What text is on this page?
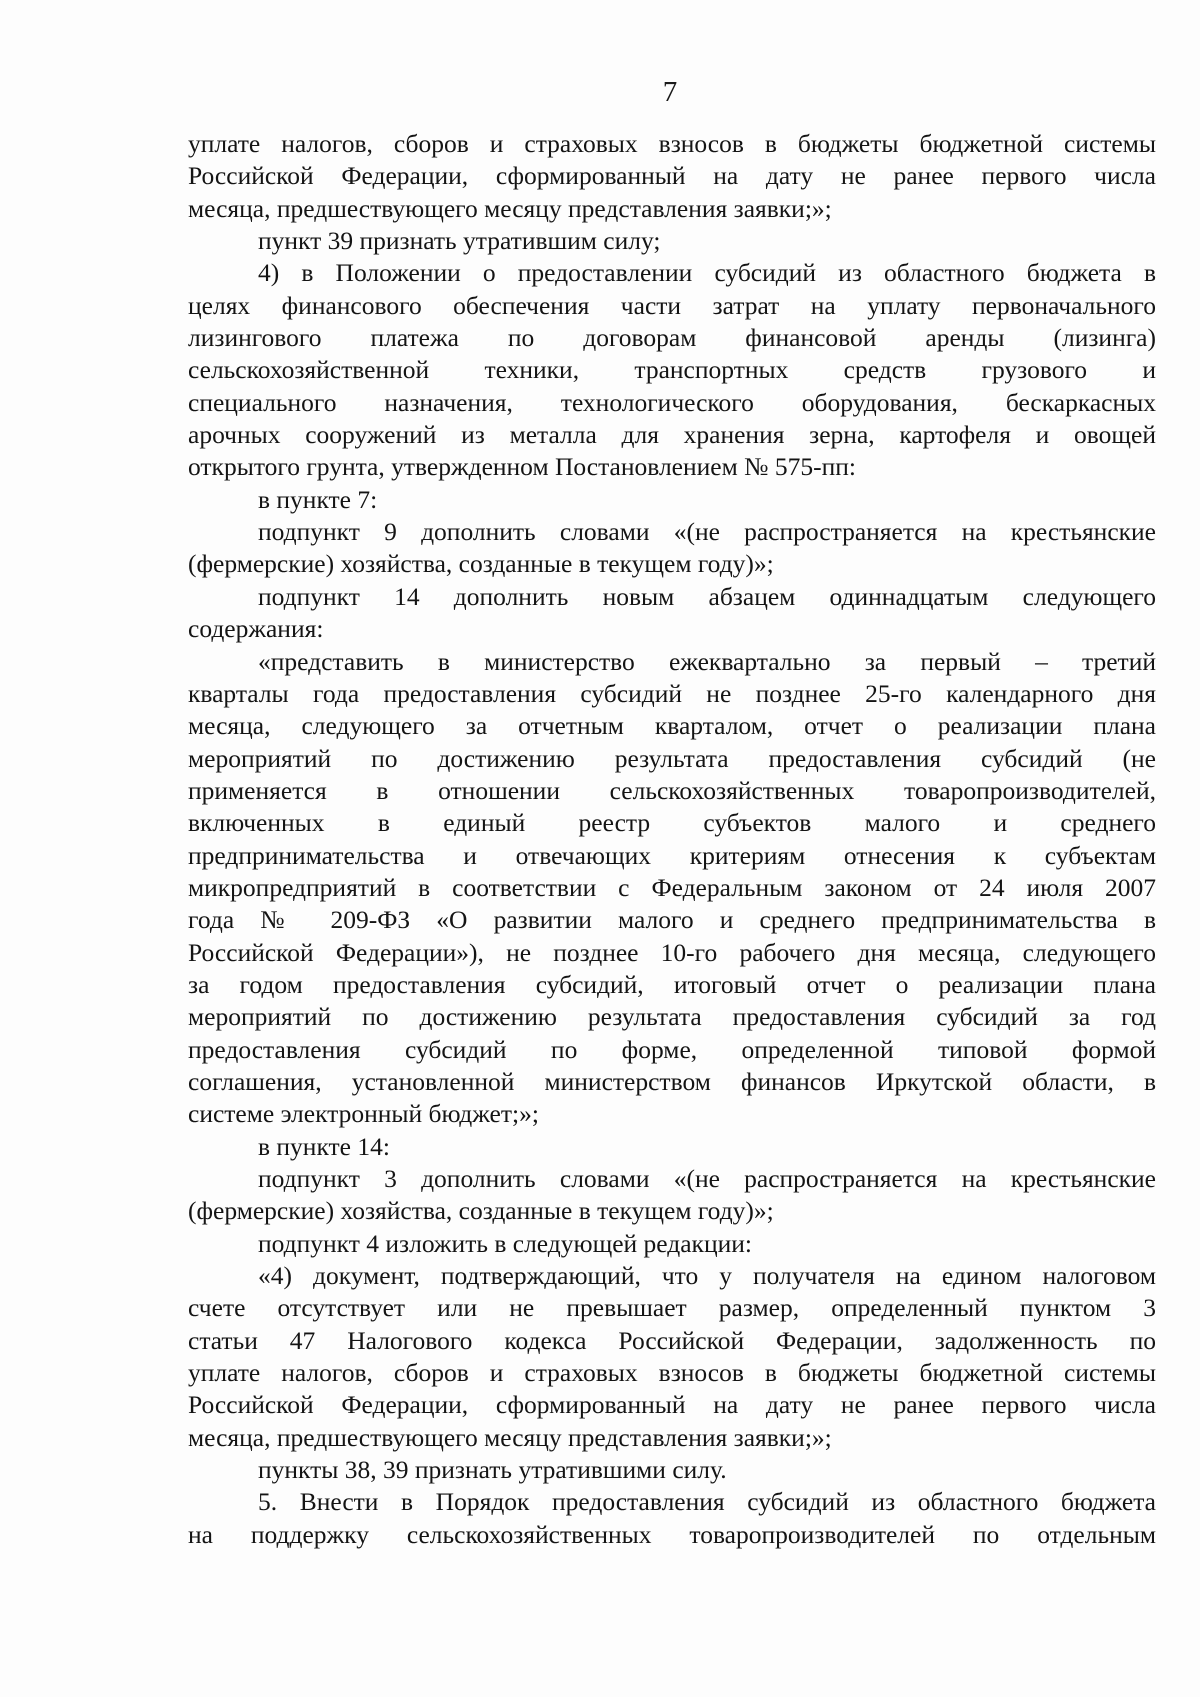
7
уплате налогов, сборов и страховых взносов в бюджеты бюджетной системы
Российской Федерации, сформированный на дату не ранее первого числа
месяца, предшествующего месяцу представления заявки;»;
пункт 39 признать утратившим силу;
4) в Положении о предоставлении субсидий из областного бюджета в
целях финансового обеспечения части затрат на уплату первоначального
лизингового платежа по договорам финансовой аренды (лизинга)
сельскохозяйственной техники, транспортных средств грузового и
специального назначения, технологического оборудования, бескаркасных
арочных сооружений из металла для хранения зерна, картофеля и овощей
открытого грунта, утвержденном Постановлением № 575-пп:
в пункте 7:
подпункт 9 дополнить словами «(не распространяется на крестьянские
(фермерские) хозяйства, созданные в текущем году)»;
подпункт 14 дополнить новым абзацем одиннадцатым следующего
содержания:
«представить в министерство ежеквартально за первый – третий
кварталы года предоставления субсидий не позднее 25-го календарного дня
месяца, следующего за отчетным кварталом, отчет о реализации плана
мероприятий по достижению результата предоставления субсидий (не
применяется в отношении сельскохозяйственных товаропроизводителей,
включенных в единый реестр субъектов малого и среднего
предпринимательства и отвечающих критериям отнесения к субъектам
микропредприятий в соответствии с Федеральным законом от 24 июля 2007
года № 209-ФЗ «О развитии малого и среднего предпринимательства в
Российской Федерации»), не позднее 10-го рабочего дня месяца, следующего
за годом предоставления субсидий, итоговый отчет о реализации плана
мероприятий по достижению результата предоставления субсидий за год
предоставления субсидий по форме, определенной типовой формой
соглашения, установленной министерством финансов Иркутской области, в
системе электронный бюджет;»;
в пункте 14:
подпункт 3 дополнить словами «(не распространяется на крестьянские
(фермерские) хозяйства, созданные в текущем году)»;
подпункт 4 изложить в следующей редакции:
«4) документ, подтверждающий, что у получателя на едином налоговом
счете отсутствует или не превышает размер, определенный пунктом 3
статьи 47 Налогового кодекса Российской Федерации, задолженность по
уплате налогов, сборов и страховых взносов в бюджеты бюджетной системы
Российской Федерации, сформированный на дату не ранее первого числа
месяца, предшествующего месяцу представления заявки;»;
пункты 38, 39 признать утратившими силу.
5. Внести в Порядок предоставления субсидий из областного бюджета
на поддержку сельскохозяйственных товаропроизводителей по отдельным
